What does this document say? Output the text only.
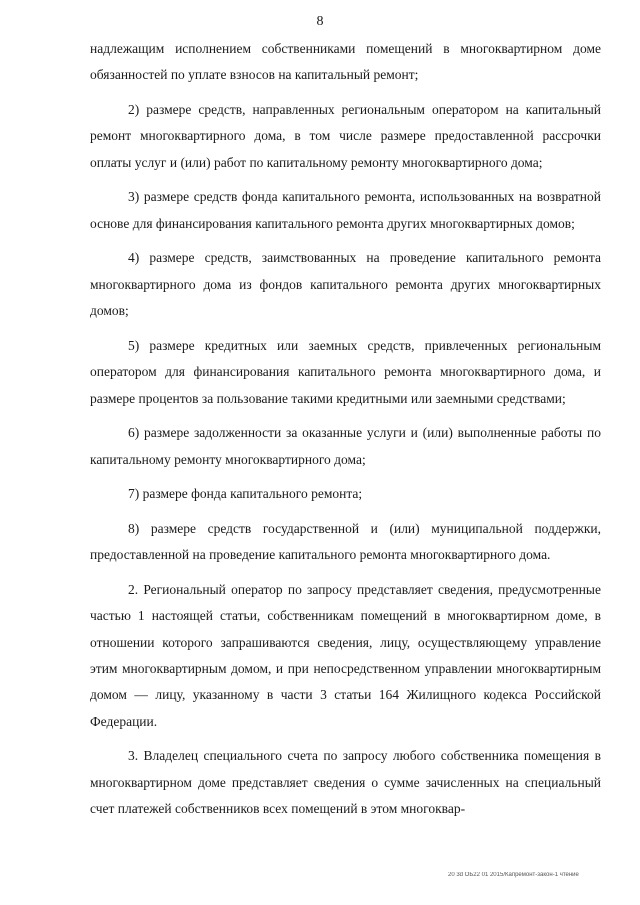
8

надлежащим исполнением собственниками помещений в многоквартирном доме обязанностей по уплате взносов на капитальный ремонт;

2) размере средств, направленных региональным оператором на капитальный ремонт многоквартирного дома, в том числе размере предоставленной рассрочки оплаты услуг и (или) работ по капитальному ремонту многоквартирного дома;

3) размере средств фонда капитального ремонта, использованных на возвратной основе для финансирования капитального ремонта других многоквартирных домов;

4) размере средств, заимствованных на проведение капитального ремонта многоквартирного дома из фондов капитального ремонта других многоквартирных домов;

5) размере кредитных или заемных средств, привлеченных региональным оператором для финансирования капитального ремонта многоквартирного дома, и размере процентов за пользование такими кредитными или заемными средствами;

6) размере задолженности за оказанные услуги и (или) выполненные работы по капитальному ремонту многоквартирного дома;

7) размере фонда капитального ремонта;

8) размере средств государственной и (или) муниципальной поддержки, предоставленной на проведение капитального ремонта многоквартирного дома.

2. Региональный оператор по запросу представляет сведения, предусмотренные частью 1 настоящей статьи, собственникам помещений в многоквартирном доме, в отношении которого запрашиваются сведения, лицу, осуществляющему управление этим многоквартирным домом, и при непосредственном управлении многоквартирным домом — лицу, указанному в части 3 статьи 164 Жилищного кодекса Российской Федерации.

3. Владелец специального счета по запросу любого собственника помещения в многоквартирном доме представляет сведения о сумме зачисленных на специальный счет платежей собственников всех помещений в этом многоквар-

20 3d ОБ22 01 2015/Капремонт-закон-1 чтение
